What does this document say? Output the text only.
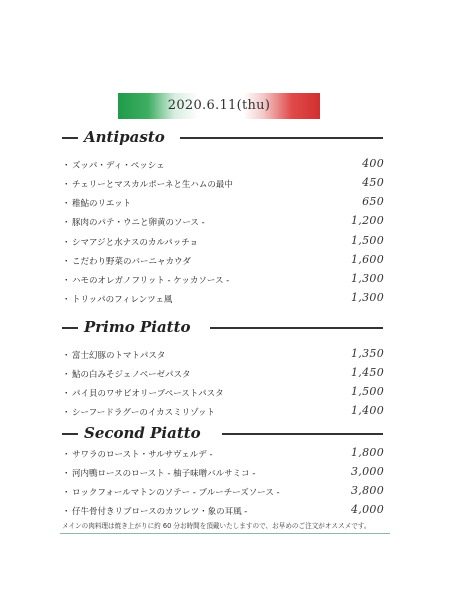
2020.6.11(thu)
Antipasto
・ ズッパ・ディ・ペッシェ	400
・ チェリーとマスカルポーネと生ハムの最中	450
・ 稚鮎のリエット	650
・ 豚肉のパテ・ウニと卵黄のソース -	1,200
・ シマアジと水ナスのカルパッチョ	1,500
・ こだわり野菜のバーニャカウダ	1,600
・ ハモのオレガノフリット - ケッカソース -	1,300
・ トリッパのフィレンツェ風	1,300
Primo Piatto
・ 富士幻豚のトマトパスタ	1,350
・ 鮎の白みそジェノベーゼパスタ	1,450
・ パイ貝のワサビオリーブペーストパスタ	1,500
・ シーフードラグーのイカスミリゾット	1,400
Second Piatto
・ サワラのロースト・サルサヴェルデ -	1,800
・ 河内鴨ロースのロースト - 柚子味噌バルサミコ -	3,000
・ ロックフォールマトンのソテー - ブルーチーズソース -	3,800
・ 仔牛骨付きリブロースのカツレツ・象の耳風 -	4,000
メインの肉料理は焼き上がりに約 60 分お時間を頂戴いたしますので、お早めのご注文がオススメです。
